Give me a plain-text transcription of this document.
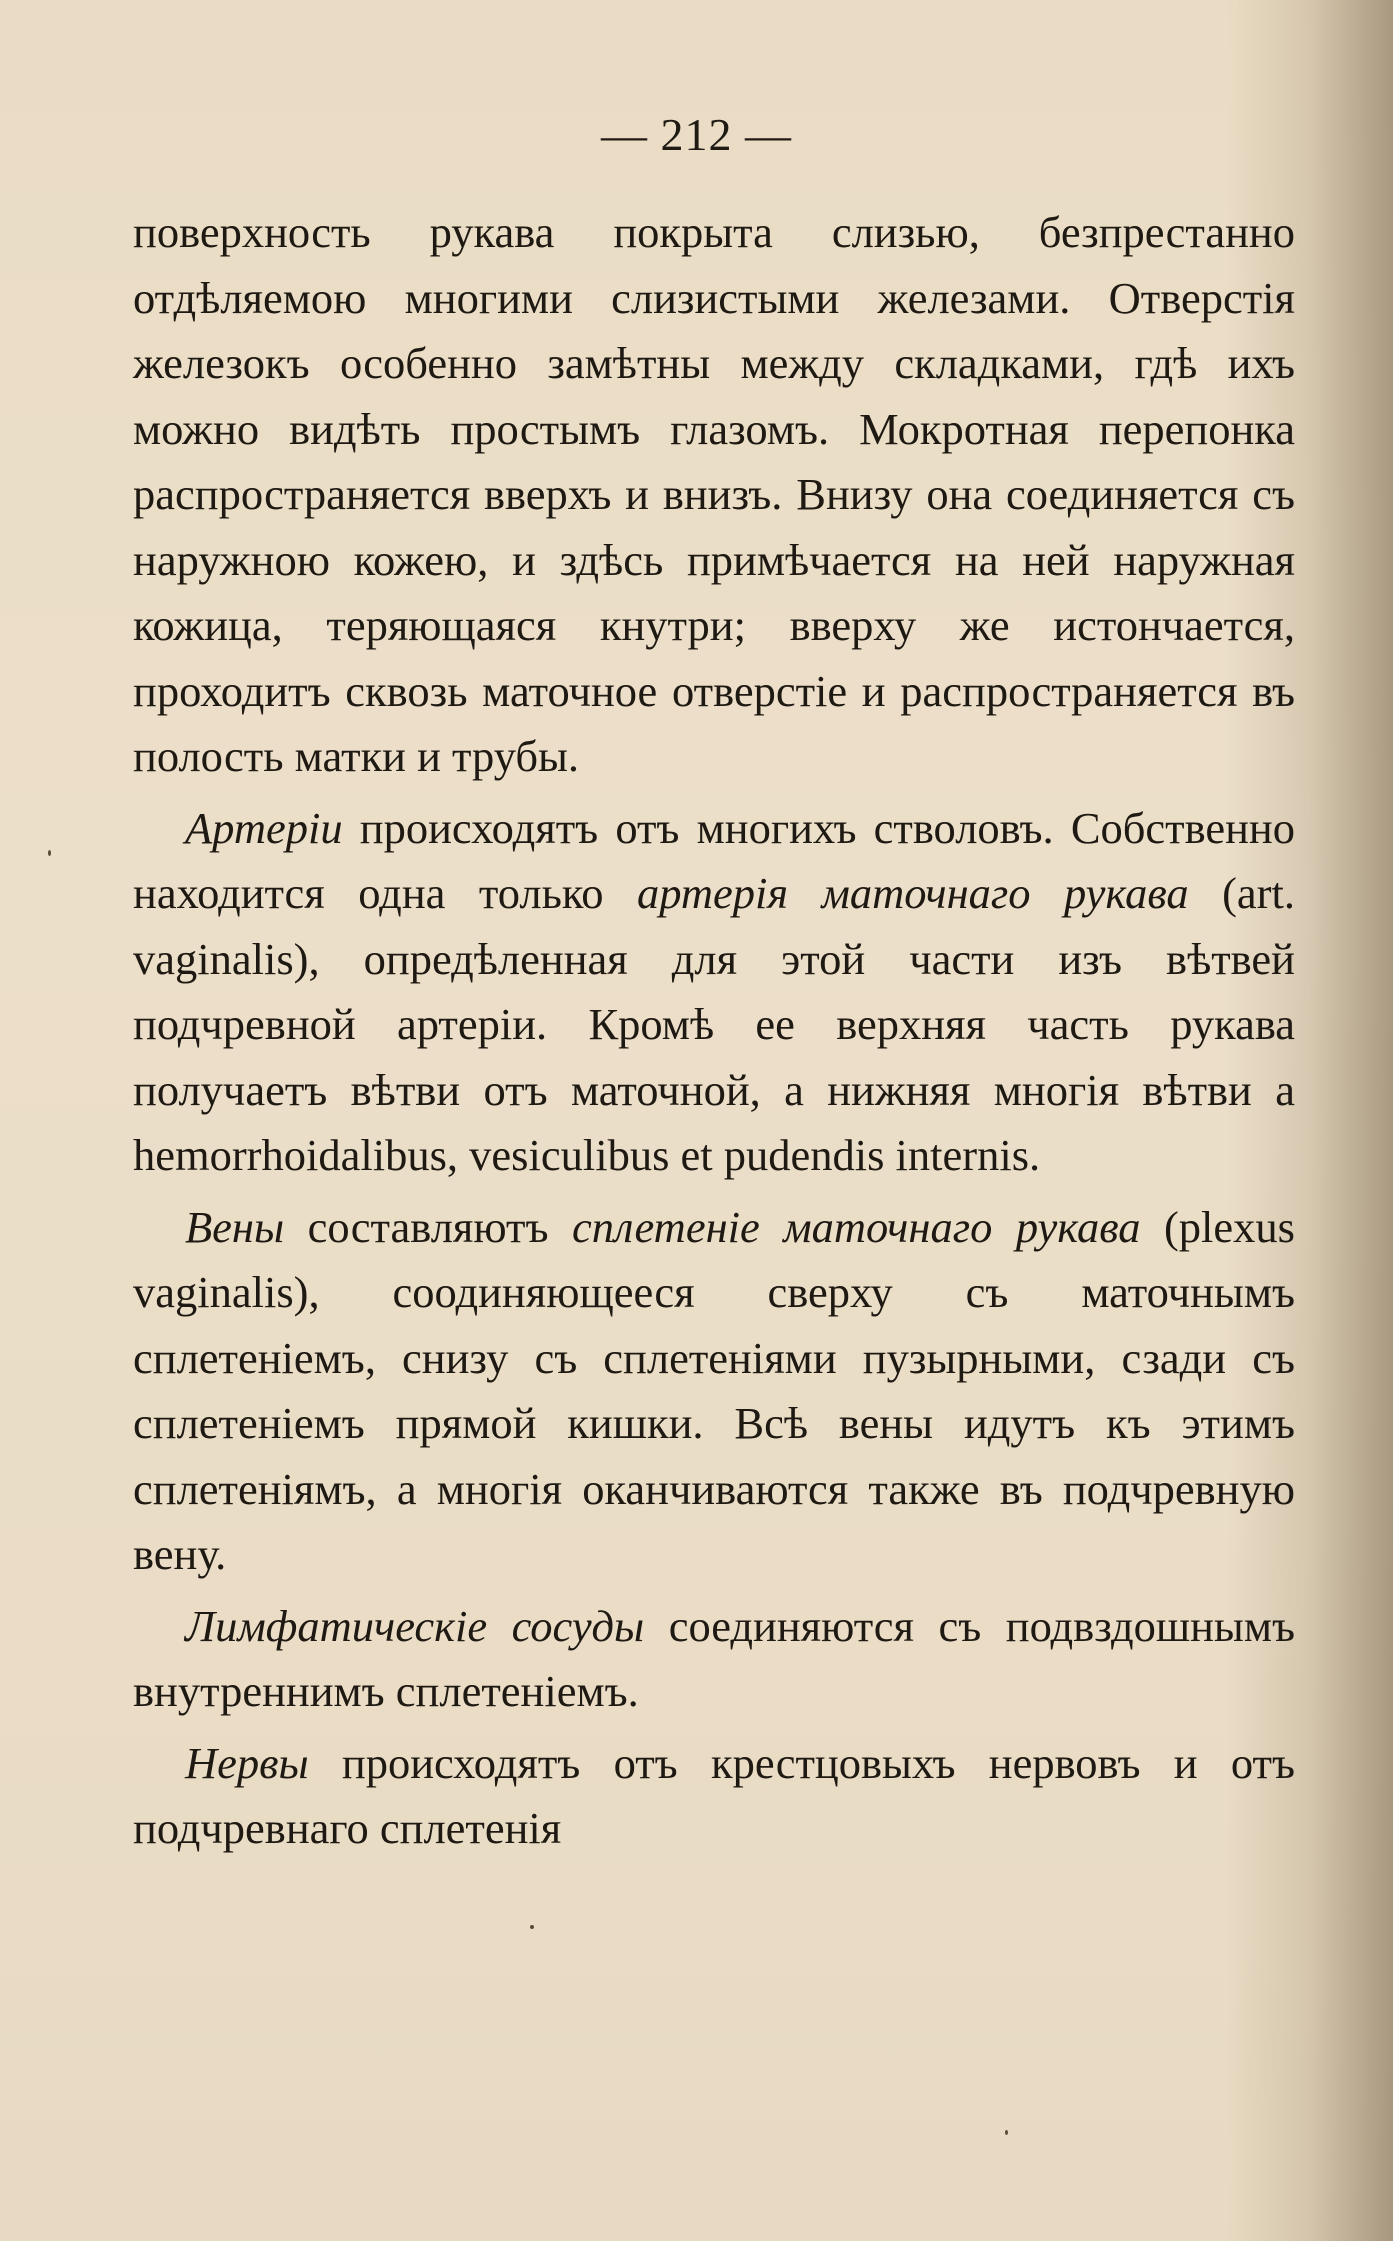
— 212 —

поверхность рукава покрыта слизью, безпрестанно отдѣляемою многими слизистыми железами. Отверстія железокъ особенно замѣтны между складками, гдѣ ихъ можно видѣть простымъ глазомъ. Мокротная перепонка распространяется вверхъ и внизъ. Внизу она соединяется съ наружною кожею, и здѣсь примѣчается на ней наружная кожица, теряющаяся кнутри; вверху же истончается, проходитъ сквозь маточное отверстіе и распространяется въ полость матки и трубы.

Артеріи происходятъ отъ многихъ стволовъ. Собственно находится одна только артерія маточнаго рукава (art. vaginalis), опредѣленная для этой части изъ вѣтвей подчревной артеріи. Кромѣ ее верхняя часть рукава получаетъ вѣтви отъ маточной, а нижняя многія вѣтви a hemorrhoidalibus, vesiculibus et pudendis internis.

Вены составляютъ сплетеніе маточнаго рукава (plexus vaginalis), соодиняющееся сверху съ маточнымъ сплетеніемъ, снизу съ сплетеніями пузырными, сзади съ сплетеніемъ прямой кишки. Всѣ вены идутъ къ этимъ сплетеніямъ, а многія оканчиваются также въ подчревную вену.

Лимфатическіе сосуды соединяются съ подвздошнымъ внутреннимъ сплетеніемъ.

Нервы происходятъ отъ крестцовыхъ нервовъ и отъ подчревнаго сплетенія
